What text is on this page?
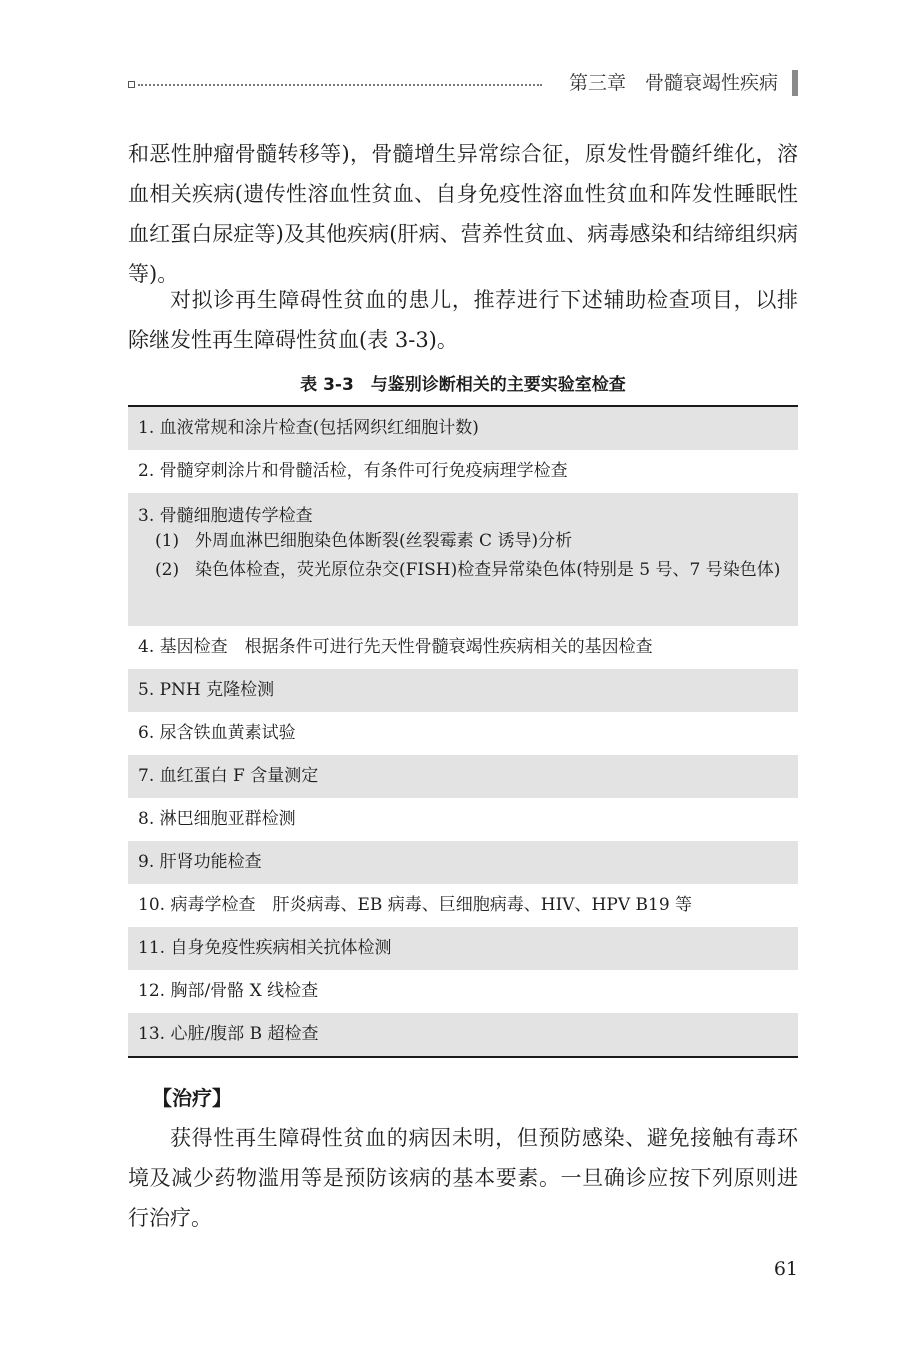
第三章　骨髓衰竭性疾病

和恶性肿瘤骨髓转移等)，骨髓增生异常综合征，原发性骨髓纤维化，溶血相关疾病(遗传性溶血性贫血、自身免疫性溶血性贫血和阵发性睡眠性血红蛋白尿症等)及其他疾病(肝病、营养性贫血、病毒感染和结缔组织病等)。

对拟诊再生障碍性贫血的患儿，推荐进行下述辅助检查项目，以排除继发性再生障碍性贫血(表 3-3)。

表 3-3　与鉴别诊断相关的主要实验室检查
1. 血液常规和涂片检查(包括网织红细胞计数)
2. 骨髓穿刺涂片和骨髓活检，有条件可行免疫病理学检查
3. 骨髓细胞遗传学检查
(1) 外周血淋巴细胞染色体断裂(丝裂霉素 C 诱导)分析
(2) 染色体检查，荧光原位杂交(FISH)检查异常染色体(特别是 5 号、7 号染色体)
4. 基因检查　根据条件可进行先天性骨髓衰竭性疾病相关的基因检查
5. PNH 克隆检测
6. 尿含铁血黄素试验
7. 血红蛋白 F 含量测定
8. 淋巴细胞亚群检测
9. 肝肾功能检查
10. 病毒学检查　肝炎病毒、EB 病毒、巨细胞病毒、HIV、HPV B19 等
11. 自身免疫性疾病相关抗体检测
12. 胸部/骨骼 X 线检查
13. 心脏/腹部 B 超检查
【治疗】

获得性再生障碍性贫血的病因未明，但预防感染、避免接触有毒环境及减少药物滥用等是预防该病的基本要素。一旦确诊应按下列原则进行治疗。

61
